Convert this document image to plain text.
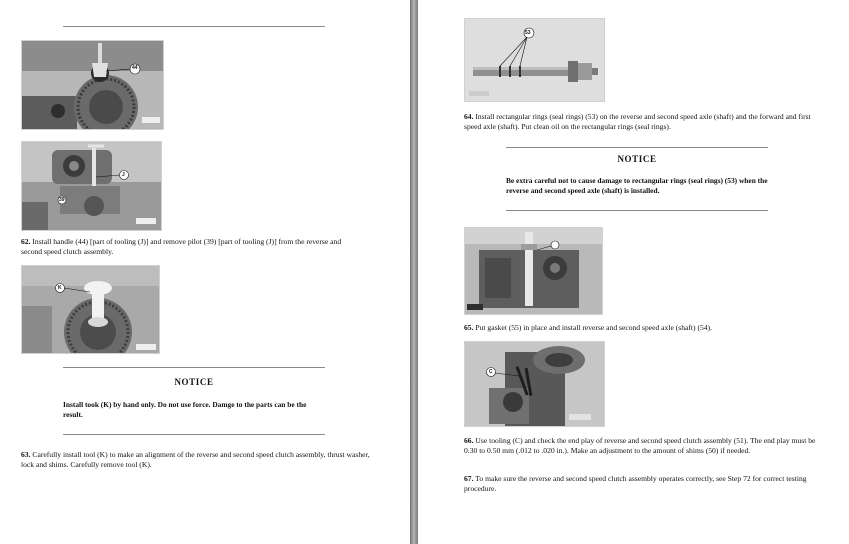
44
J
39
62. Install handle (44) [part of tooling (J)] and remove pilot (39) [part of tooling (J)] from the reverse and second speed clutch assembly.
K
NOTICE
Install took (K) by hand only. Do not use force. Damge to the parts can be the result.
63. Carefully install tool (K) to make an alignment of the reverse and second speed clutch assembly, thrust washer, lock and shims. Carefully remove tool (K).
53
64. Install rectangular rings (seal rings) (53) on the reverse and second speed axle (shaft) and the forward and first speed axle (shaft). Put clean oil on the rectangular rings (seal rings).
NOTICE
Be extra careful not to cause damage to rectangular rings (seal rings) (53) when the reverse and second speed axle (shaft) is installed.
65. Put gasket (55) in place and install reverse and second speed axle (shaft) (54).
C
66. Use tooling (C) and check the end play of reverse and second speed clutch assembly (51). The end play must be 0.30 to 0.50 mm (.012 to .020 in.). Make an adjustment to the amount of shims (50) if needed.
67. To make sure the reverse and second speed clutch assembly operates correctly, see Step 72 for correct testing procedure.
